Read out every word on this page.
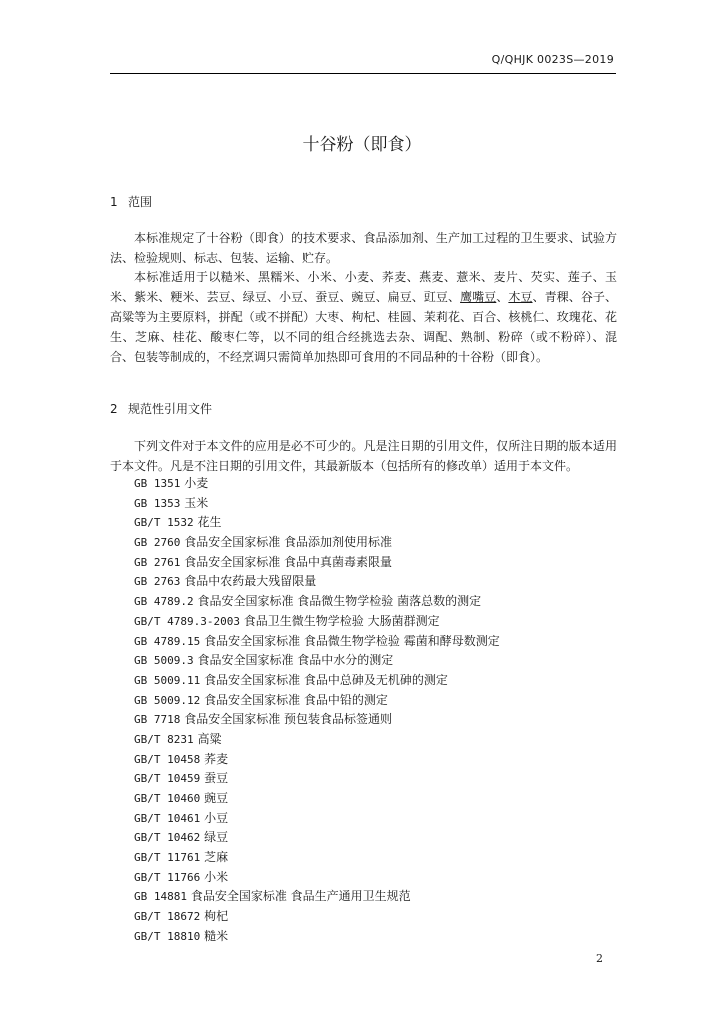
Q/QHJK 0023S—2019
十谷粉（即食）
1 范围

本标准规定了十谷粉（即食）的技术要求、食品添加剂、生产加工过程的卫生要求、试验方法、检验规则、标志、包装、运输、贮存。

本标准适用于以糙米、黑糯米、小米、小麦、荞麦、燕麦、薏米、麦片、芡实、莲子、玉米、紫米、粳米、芸豆、绿豆、小豆、蚕豆、豌豆、扁豆、豇豆、鹰嘴豆、木豆、青稞、谷子、高粱等为主要原料，拼配（或不拼配）大枣、枸杞、桂圆、茉莉花、百合、核桃仁、玫瑰花、花生、芝麻、桂花、酸枣仁等，以不同的组合经挑选去杂、调配、熟制、粉碎（或不粉碎）、混合、包装等制成的，不经烹调只需简单加热即可食用的不同品种的十谷粉（即食）。

2 规范性引用文件

下列文件对于本文件的应用是必不可少的。凡是注日期的引用文件，仅所注日期的版本适用于本文件。凡是不注日期的引用文件，其最新版本（包括所有的修改单）适用于本文件。

GB 1351 小麦
GB 1353 玉米
GB/T 1532 花生
GB 2760 食品安全国家标准 食品添加剂使用标准
GB 2761 食品安全国家标准 食品中真菌毒素限量
GB 2763 食品中农药最大残留限量
GB 4789.2 食品安全国家标准 食品微生物学检验 菌落总数的测定
GB/T 4789.3-2003 食品卫生微生物学检验 大肠菌群测定
GB 4789.15 食品安全国家标准 食品微生物学检验 霉菌和酵母数测定
GB 5009.3 食品安全国家标准 食品中水分的测定
GB 5009.11 食品安全国家标准 食品中总砷及无机砷的测定
GB 5009.12 食品安全国家标准 食品中铅的测定
GB 7718 食品安全国家标准 预包装食品标签通则
GB/T 8231 高粱
GB/T 10458 荞麦
GB/T 10459 蚕豆
GB/T 10460 豌豆
GB/T 10461 小豆
GB/T 10462 绿豆
GB/T 11761 芝麻
GB/T 11766 小米
GB 14881 食品安全国家标准 食品生产通用卫生规范
GB/T 18672 枸杞
GB/T 18810 糙米
2
